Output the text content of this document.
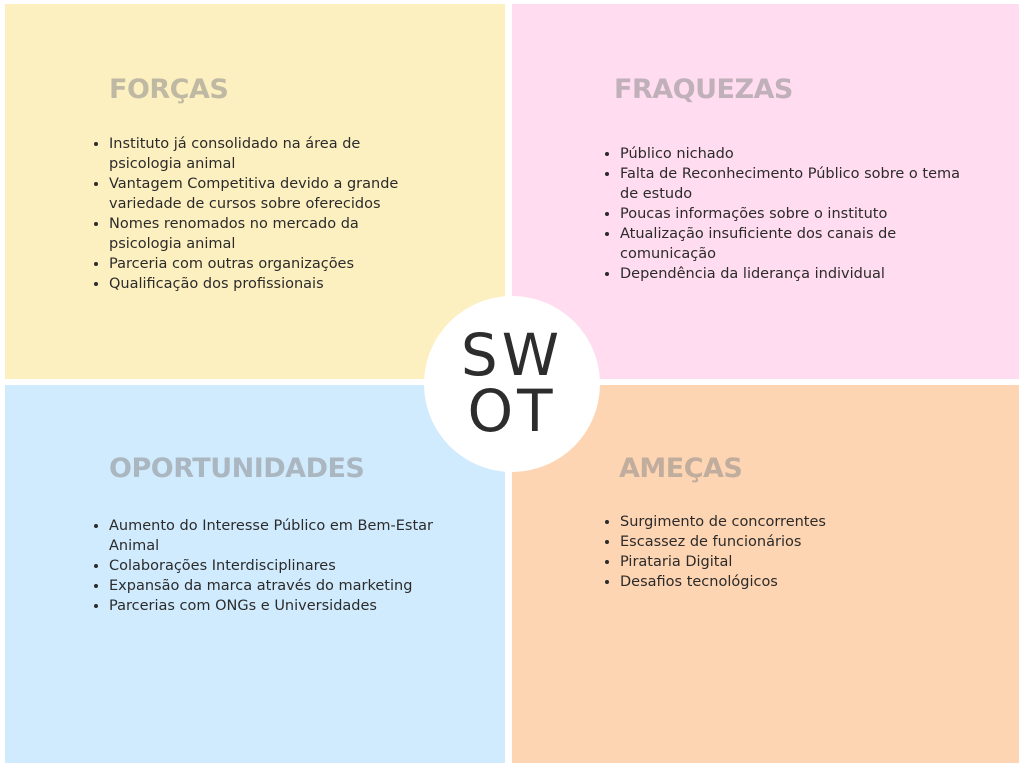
FORÇAS
• Instituto já consolidado na área de psicologia animal
• Vantagem Competitiva devido a grande variedade de cursos sobre oferecidos
• Nomes renomados no mercado da psicologia animal
• Parceria com outras organizações
• Qualificação dos profissionais
FRAQUEZAS
• Público nichado
• Falta de Reconhecimento Público sobre o tema de estudo
• Poucas informações sobre o instituto
• Atualização insuficiente dos canais de comunicação
• Dependência da liderança individual
OPORTUNIDADES
• Aumento do Interesse Público em Bem-Estar Animal
• Colaborações Interdisciplinares
• Expansão da marca através do marketing
• Parcerias com ONGs e Universidades
AMEÇAS
• Surgimento de concorrentes
• Escassez de funcionários
• Pirataria Digital
• Desafios tecnológicos
SW
OT
